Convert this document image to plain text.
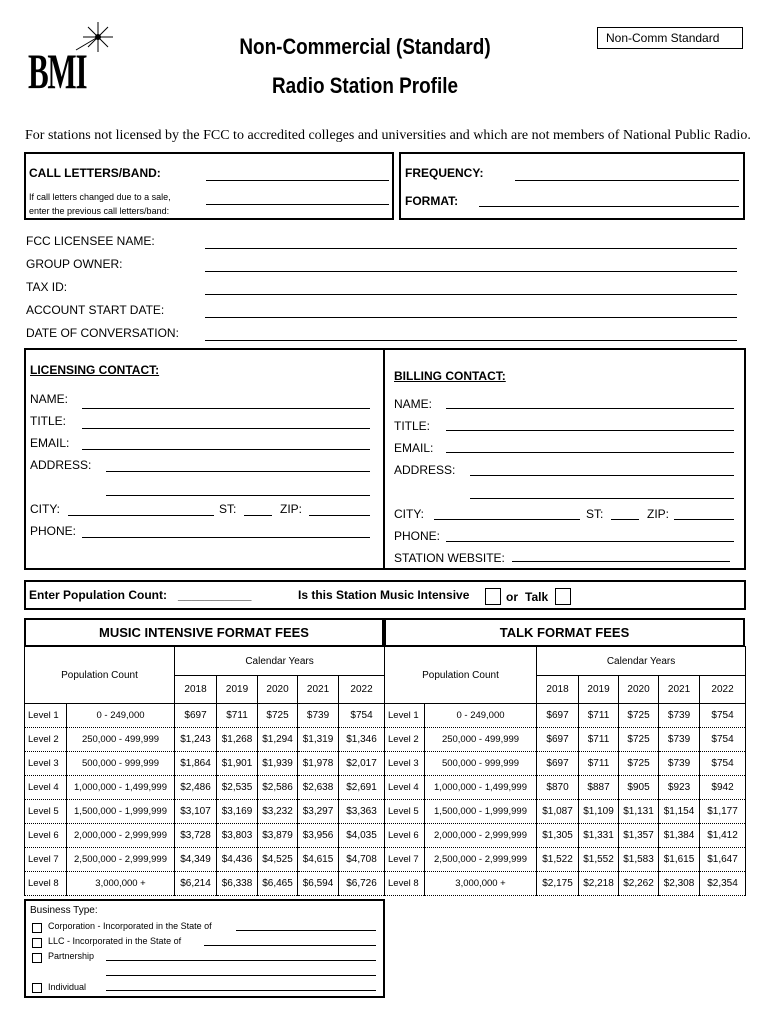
BMI	Non-Commercial (Standard)
Radio Station Profile
Non-Comm Standard
For stations not licensed by the FCC to accredited colleges and universities and which are not members of National Public Radio.
CALL LETTERS/BAND:
If call letters changed due to a sale,
enter the previous call letters/band:
FREQUENCY:
FORMAT:
FCC LICENSEE NAME:
GROUP OWNER:
TAX ID:
ACCOUNT START DATE:
DATE OF CONVERSATION:
LICENSING CONTACT:
NAME:
TITLE:
EMAIL:
ADDRESS:
CITY:	ST:	ZIP:
PHONE:
BILLING CONTACT:
NAME:
TITLE:
EMAIL:
ADDRESS:
CITY:	ST:	ZIP:
PHONE:
STATION WEBSITE:
Enter Population Count: ___________	Is this Station Music Intensive	or Talk
MUSIC INTENSIVE FORMAT FEES	TALK FORMAT FEES
Population Count		Calendar Years				
		2018	2019	2020	2021	2022
Level 1	0 - 249,000	$697	$711	$725	$739	$754
Level 2	250,000 - 499,999	$1,243	$1,268	$1,294	$1,319	$1,346
Level 3	500,000 - 999,999	$1,864	$1,901	$1,939	$1,978	$2,017
Level 4	1,000,000 - 1,499,999	$2,486	$2,535	$2,586	$2,638	$2,691
Level 5	1,500,000 - 1,999,999	$3,107	$3,169	$3,232	$3,297	$3,363
Level 6	2,000,000 - 2,999,999	$3,728	$3,803	$3,879	$3,956	$4,035
Level 7	2,500,000 - 2,999,999	$4,349	$4,436	$4,525	$4,615	$4,708
Level 8	3,000,000 +	$6,214	$6,338	$6,465	$6,594	$6,726
Population Count		Calendar Years				
		2018	2019	2020	2021	2022
Level 1	0 - 249,000	$697	$711	$725	$739	$754
Level 2	250,000 - 499,999	$697	$711	$725	$739	$754
Level 3	500,000 - 999,999	$697	$711	$725	$739	$754
Level 4	1,000,000 - 1,499,999	$870	$887	$905	$923	$942
Level 5	1,500,000 - 1,999,999	$1,087	$1,109	$1,131	$1,154	$1,177
Level 6	2,000,000 - 2,999,999	$1,305	$1,331	$1,357	$1,384	$1,412
Level 7	2,500,000 - 2,999,999	$1,522	$1,552	$1,583	$1,615	$1,647
Level 8	3,000,000 +	$2,175	$2,218	$2,262	$2,308	$2,354
Business Type:
Corporation - Incorporated in the State of
LLC - Incorporated in the State of
Partnership
Individual
